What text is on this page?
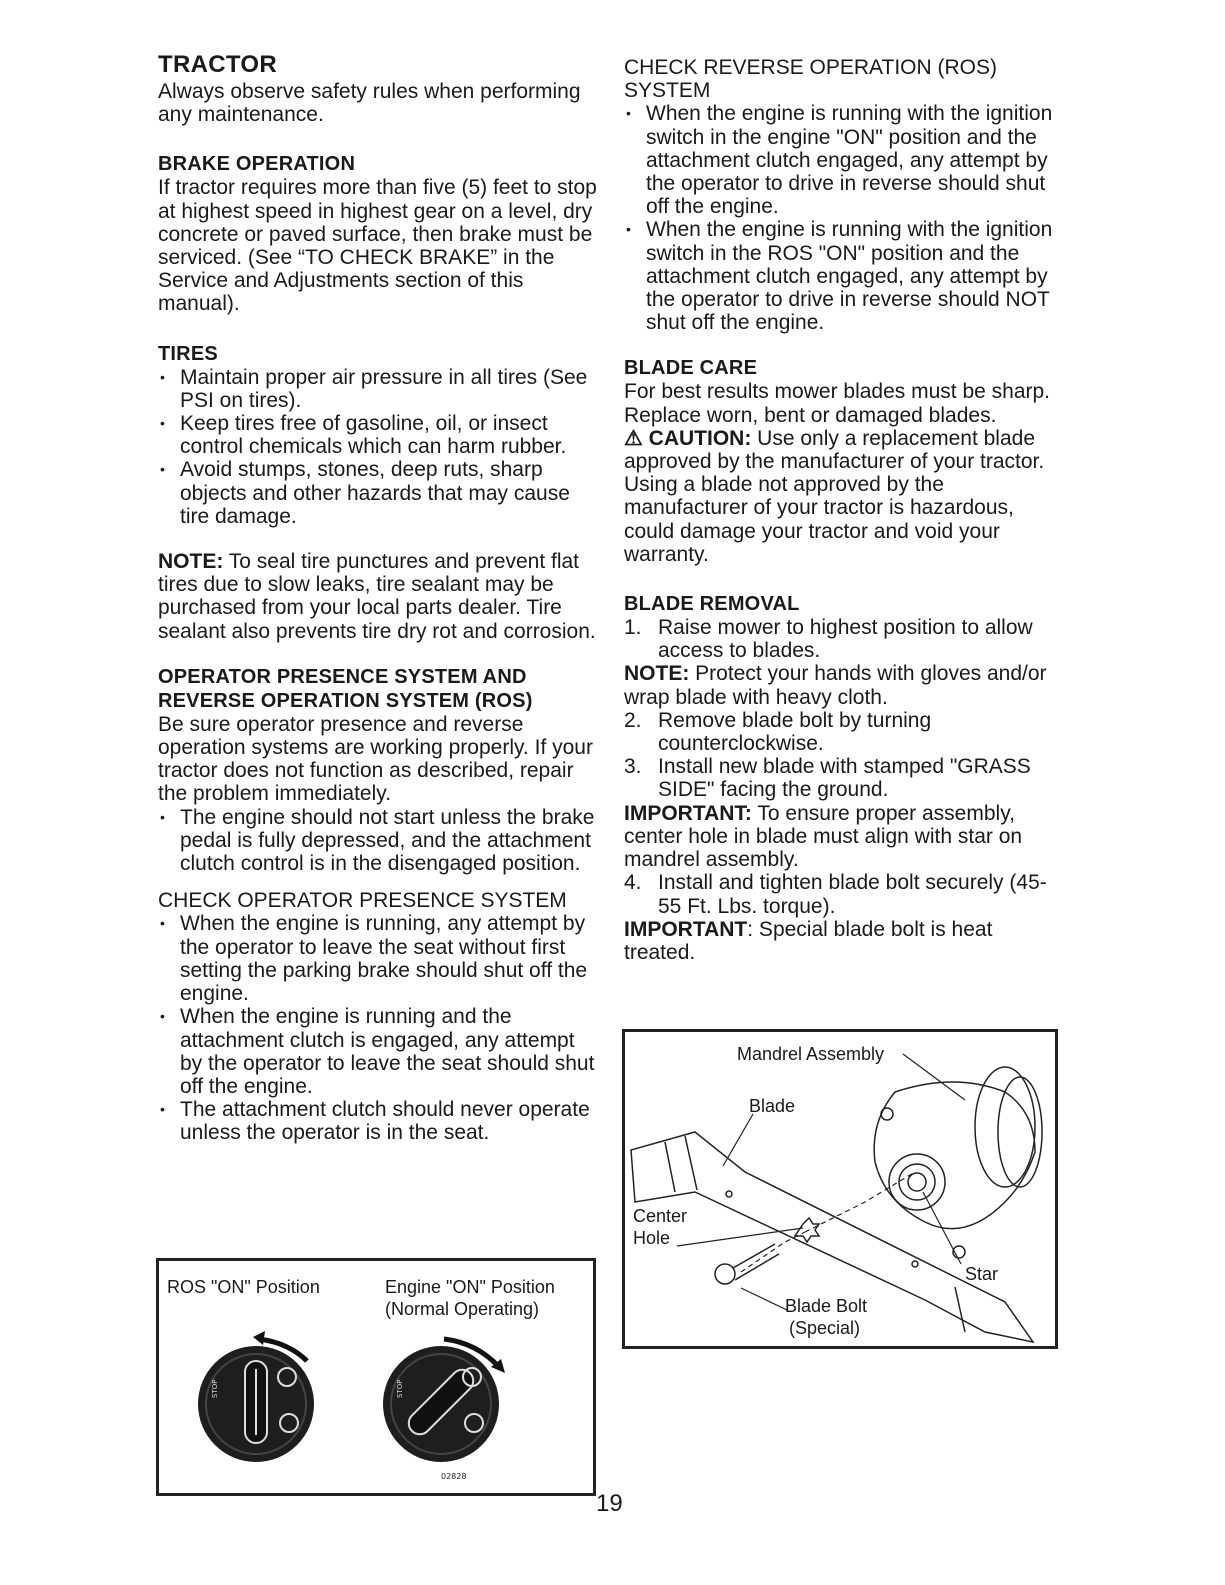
TRACTOR

Always observe safety rules when performing any maintenance.

BRAKE OPERATION

If tractor requires more than five (5) feet to stop at highest speed in highest gear on a level, dry concrete or paved surface, then brake must be serviced. (See “TO CHECK BRAKE” in the Service and Adjustments section of this manual).

TIRES
• Maintain proper air pressure in all tires (See PSI on tires).
• Keep tires free of gasoline, oil, or insect control chemicals which can harm rubber.
• Avoid stumps, stones, deep ruts, sharp objects and other hazards that may cause tire damage.

NOTE: To seal tire punctures and prevent flat tires due to slow leaks, tire sealant may be purchased from your local parts dealer. Tire sealant also prevents tire dry rot and corrosion.

OPERATOR PRESENCE SYSTEM AND REVERSE OPERATION SYSTEM (ROS)

Be sure operator presence and reverse operation systems are working properly. If your tractor does not function as described, repair the problem immediately.

• The engine should not start unless the brake pedal is fully depressed, and the attachment clutch control is in the disengaged position.

CHECK OPERATOR PRESENCE SYSTEM

• When the engine is running, any attempt by the operator to leave the seat without first setting the parking brake should shut off the engine.
• When the engine is running and the attachment clutch is engaged, any attempt by the operator to leave the seat should shut off the engine.
• The attachment clutch should never operate unless the operator is in the seat.

CHECK REVERSE OPERATION (ROS) SYSTEM

• When the engine is running with the ignition switch in the engine "ON" position and the attachment clutch engaged, any attempt by the operator to drive in reverse should shut off the engine.
• When the engine is running with the ignition switch in the ROS "ON" position and the attachment clutch engaged, any attempt by the operator to drive in reverse should NOT shut off the engine.
BLADE CARE

For best results mower blades must be sharp. Replace worn, bent or damaged blades.

⚠ CAUTION: Use only a replacement blade approved by the manufacturer of your tractor. Using a blade not approved by the manufacturer of your tractor is hazardous, could damage your tractor and void your warranty.

BLADE REMOVAL
1. Raise mower to highest position to allow access to blades.

NOTE: Protect your hands with gloves and/or wrap blade with heavy cloth.

2. Remove blade bolt by turning counterclockwise.
3. Install new blade with stamped "GRASS SIDE" facing the ground.

IMPORTANT: To ensure proper assembly, center hole in blade must align with star on mandrel assembly.

4. Install and tighten blade bolt securely (45-55 Ft. Lbs. torque).

IMPORTANT: Special blade bolt is heat treated.

ROS "ON" Position	Engine "ON" Position
(Normal Operating)
STOP	STOP
02828
Mandrel Assembly
Blade
Center
Hole
Star
Blade Bolt
(Special)
19
